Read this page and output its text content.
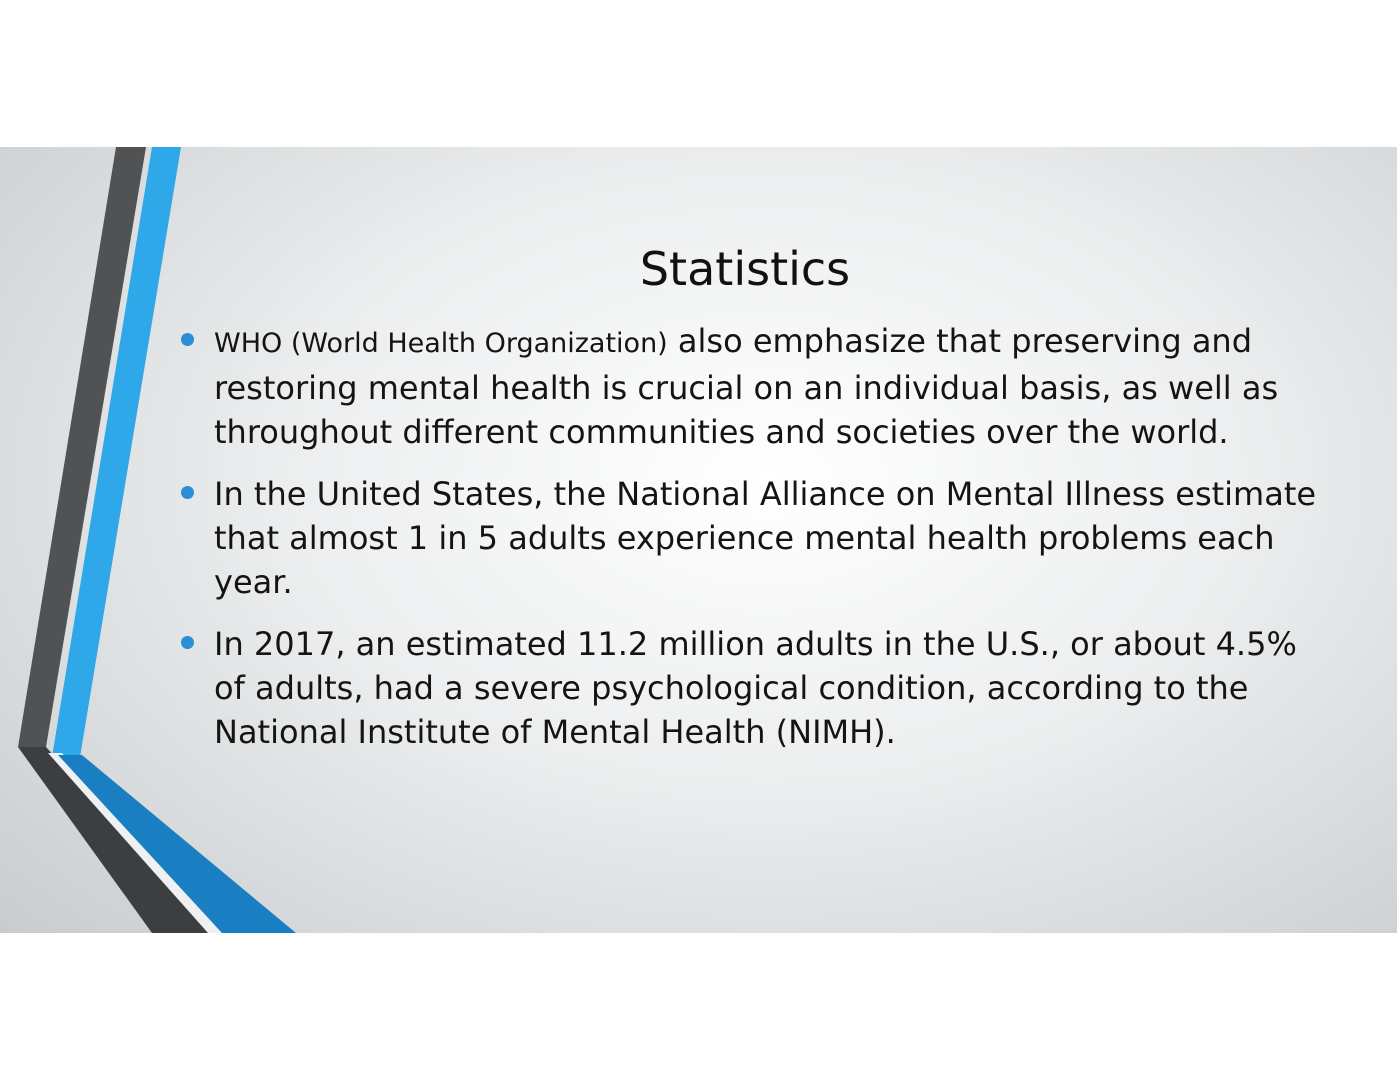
Statistics
WHO (World Health Organization) also emphasize that preserving and restoring mental health is crucial on an individual basis, as well as throughout different communities and societies over the world.
In the United States, the National Alliance on Mental Illness estimate that almost 1 in 5 adults experience mental health problems each year.
In 2017, an estimated 11.2 million adults in the U.S., or about 4.5% of adults, had a severe psychological condition, according to the National Institute of Mental Health (NIMH).
